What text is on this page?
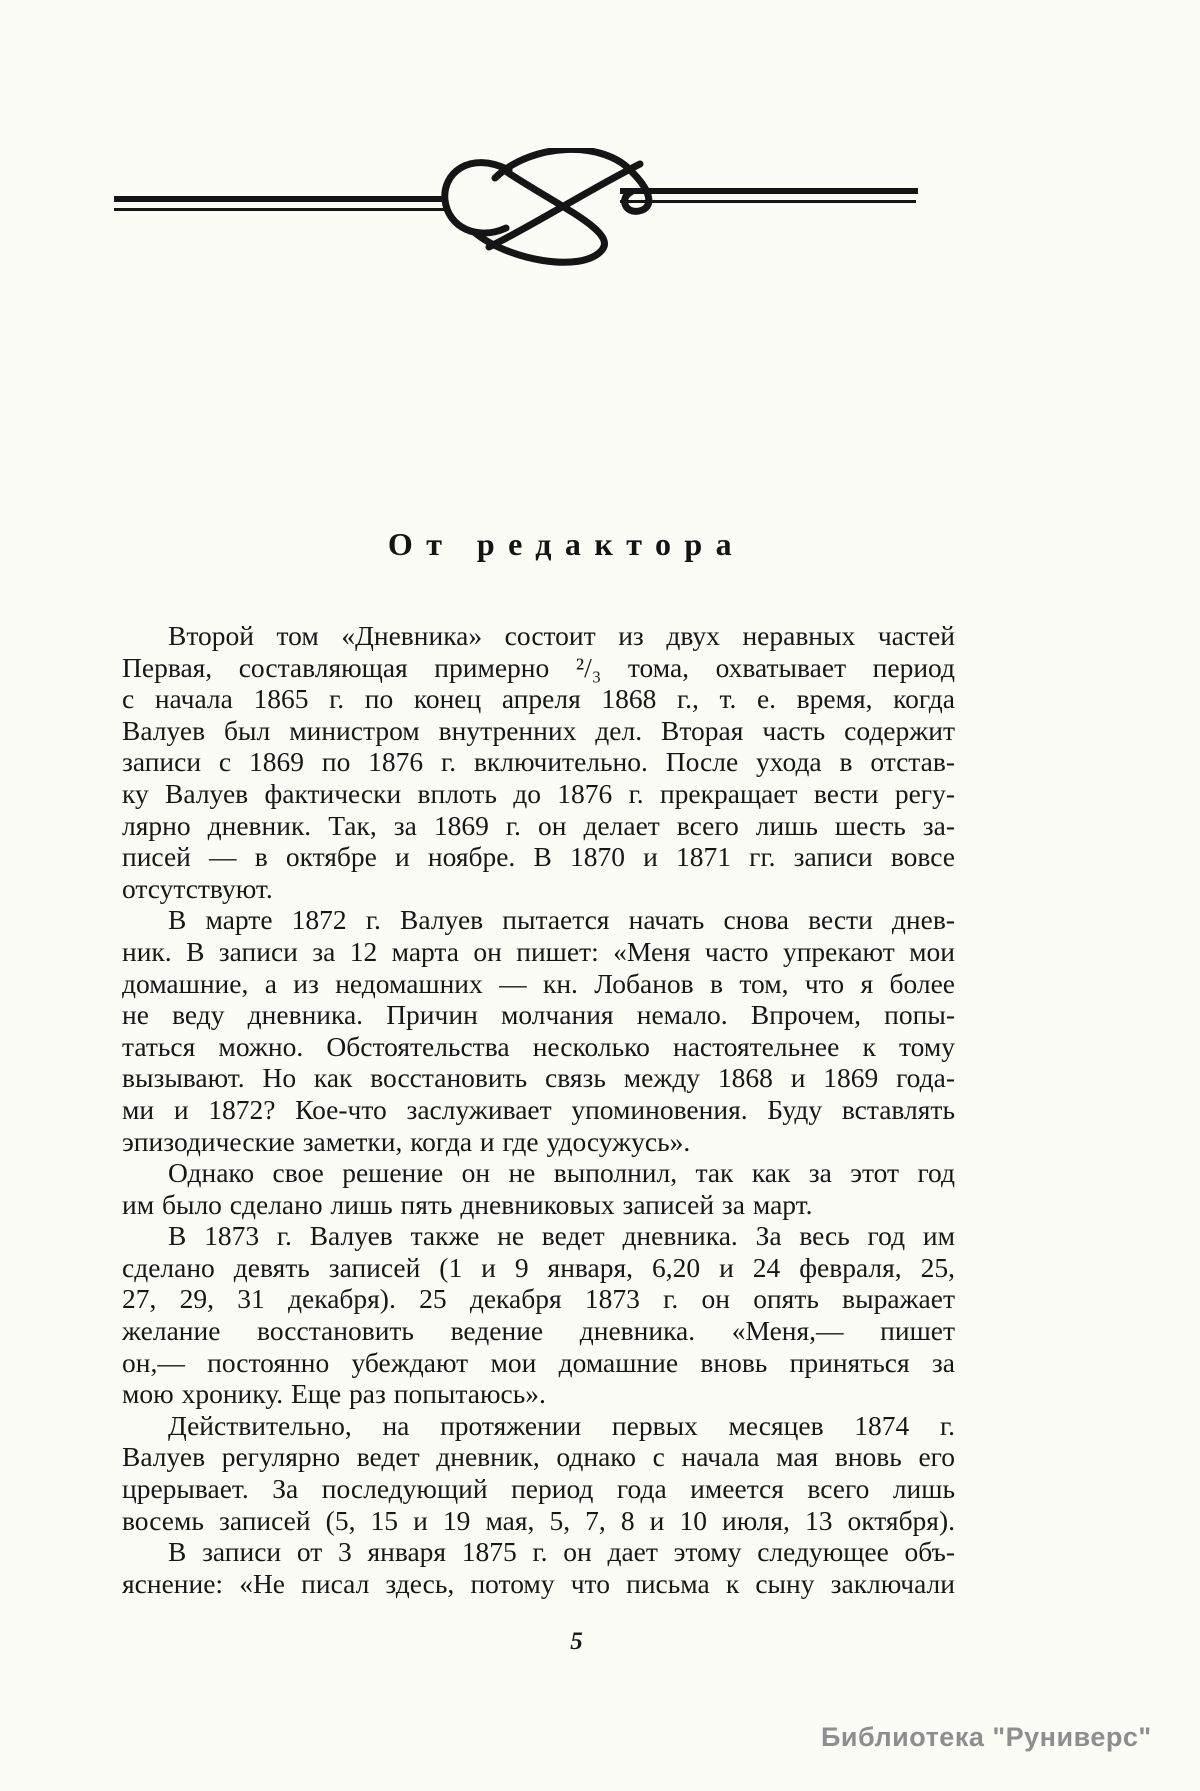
От редактора
Второй том «Дневника» состоит из двух неравных частей
Первая, составляющая примерно ²/₃ тома, охватывает период
с начала 1865 г. по конец апреля 1868 г., т. е. время, когда
Валуев был министром внутренних дел. Вторая часть содержит
записи с 1869 по 1876 г. включительно. После ухода в отстав-
ку Валуев фактически вплоть до 1876 г. прекращает вести регу-
лярно дневник. Так, за 1869 г. он делает всего лишь шесть за-
писей — в октябре и ноябре. В 1870 и 1871 гг. записи вовсе
отсутствуют.
В марте 1872 г. Валуев пытается начать снова вести днев-
ник. В записи за 12 марта он пишет: «Меня часто упрекают мои
домашние, а из недомашних — кн. Лобанов в том, что я более
не веду дневника. Причин молчания немало. Впрочем, попы-
таться можно. Обстоятельства несколько настоятельнее к тому
вызывают. Но как восстановить связь между 1868 и 1869 года-
ми и 1872? Кое-что заслуживает упоминовения. Буду вставлять
эпизодические заметки, когда и где удосужусь».
Однако свое решение он не выполнил, так как за этот год
им было сделано лишь пять дневниковых записей за март.
В 1873 г. Валуев также не ведет дневника. За весь год им
сделано девять записей (1 и 9 января, 6,20 и 24 февраля, 25,
27, 29, 31 декабря). 25 декабря 1873 г. он опять выражает
желание восстановить ведение дневника. «Меня,— пишет
он,— постоянно убеждают мои домашние вновь приняться за
мою хронику. Еще раз попытаюсь».
Действительно, на протяжении первых месяцев 1874 г.
Валуев регулярно ведет дневник, однако с начала мая вновь его
црерывает. За последующий период года имеется всего лишь
восемь записей (5, 15 и 19 мая, 5, 7, 8 и 10 июля, 13 октября).
В записи от 3 января 1875 г. он дает этому следующее объ-
яснение: «Не писал здесь, потому что письма к сыну заключали
5
Библиотека "Руниверс"
